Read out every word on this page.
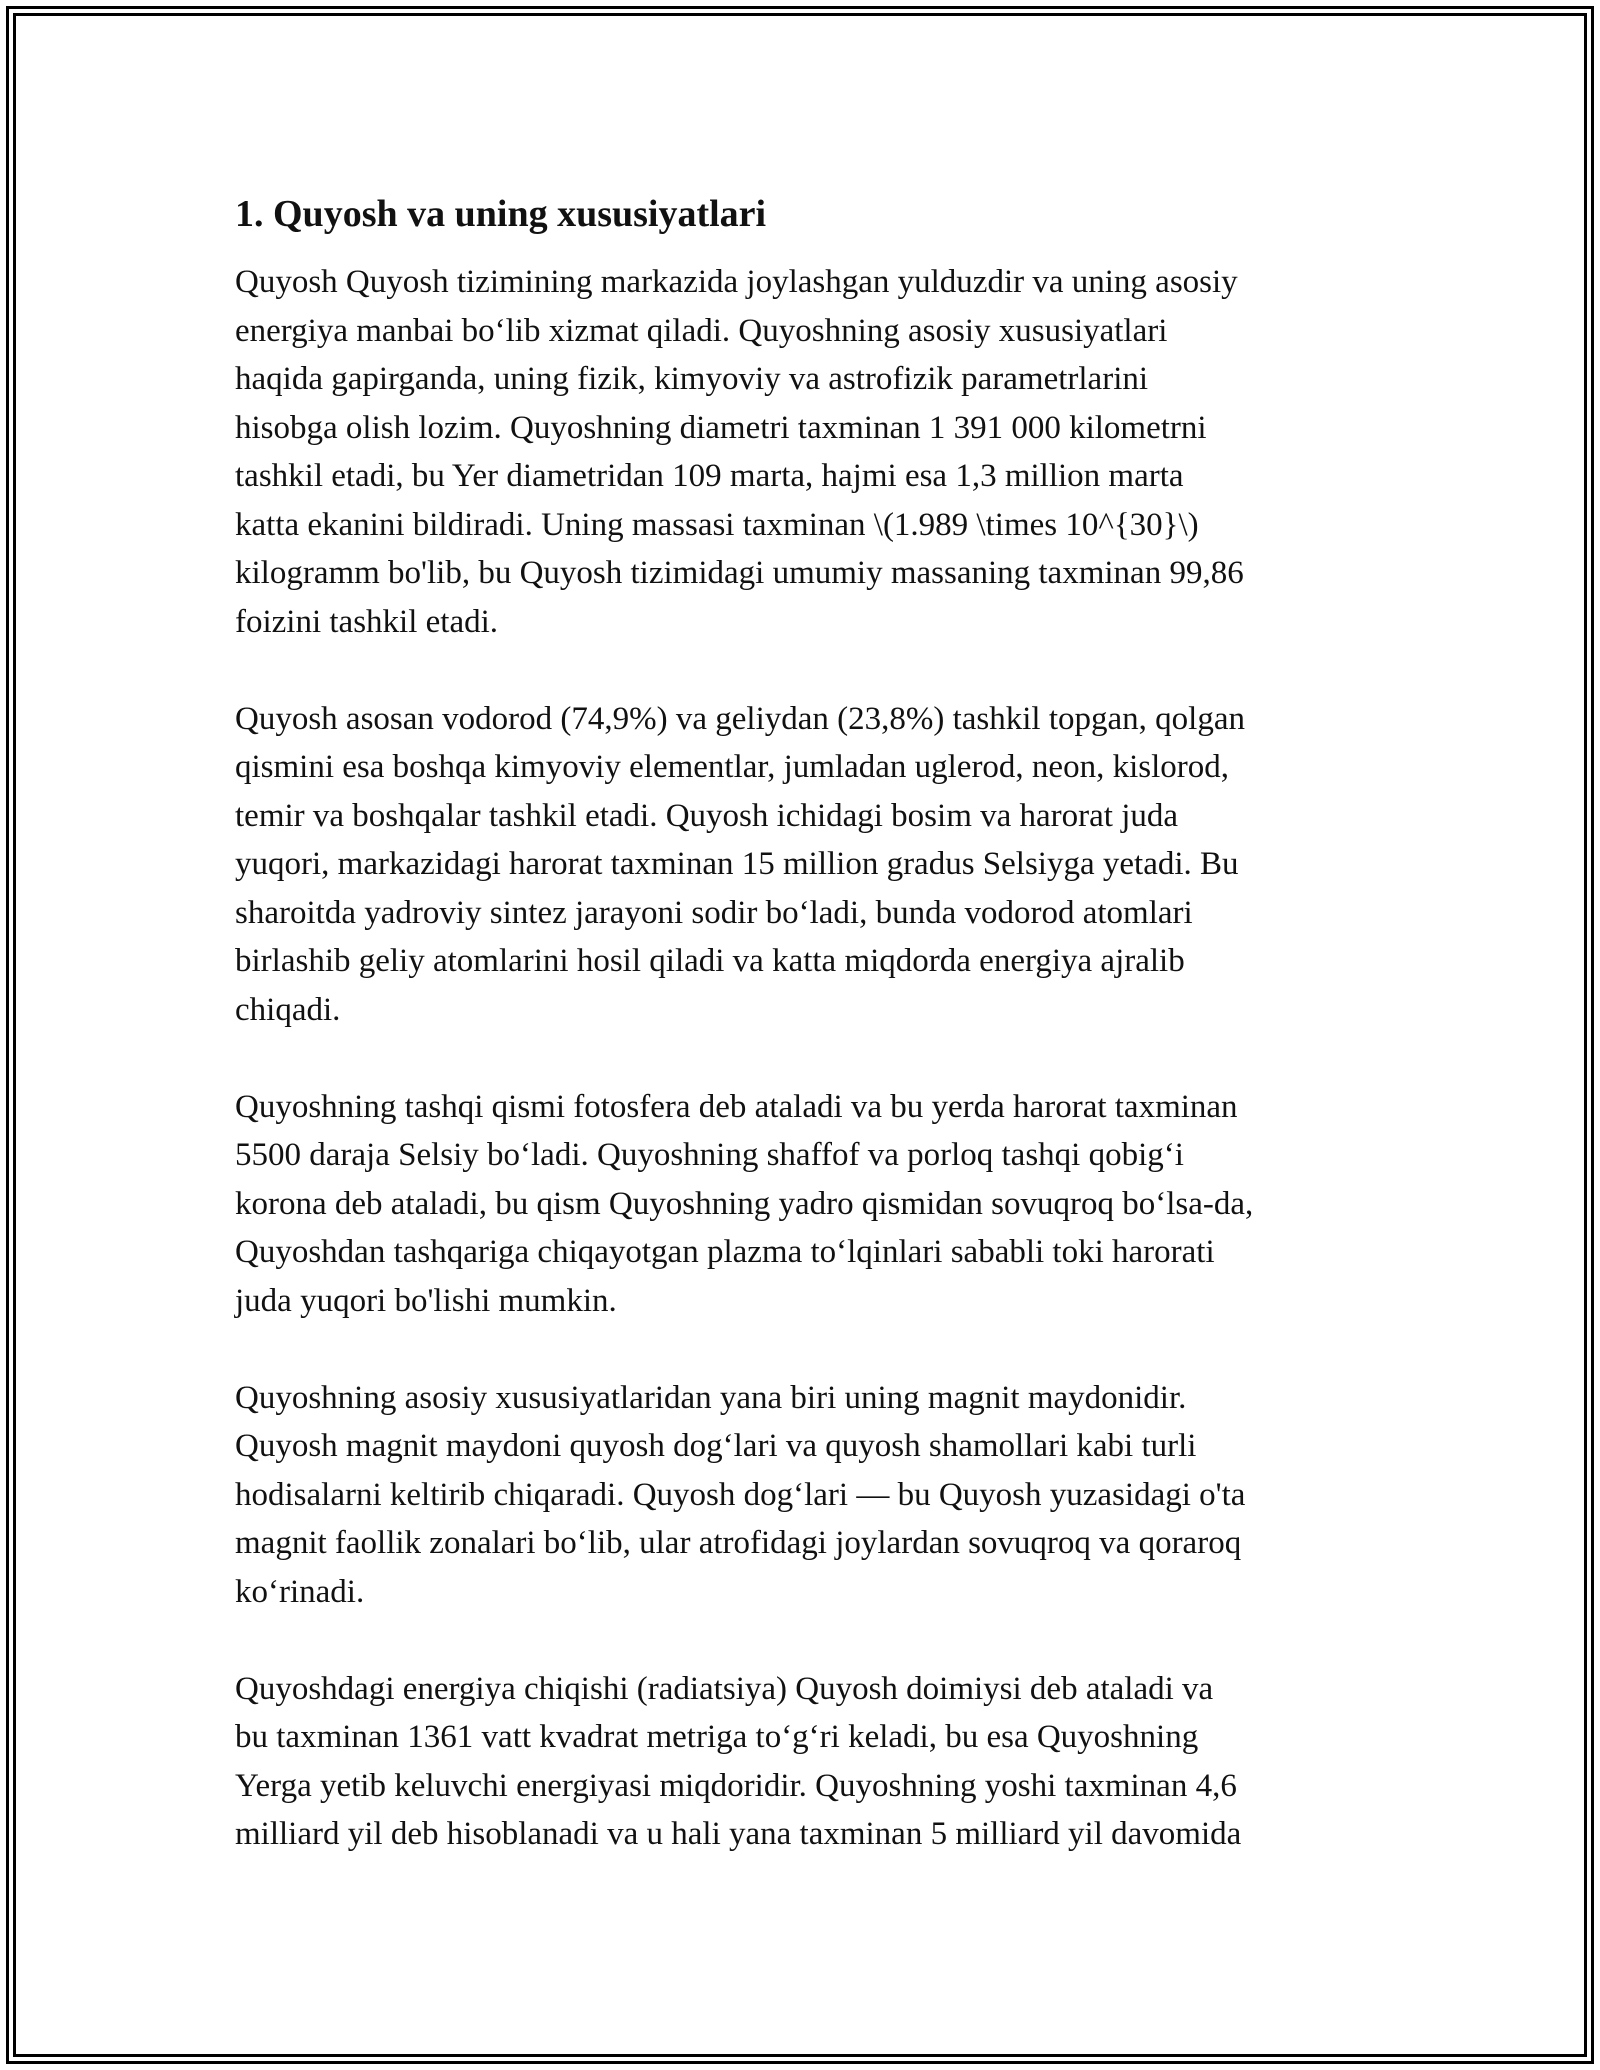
1. Quyosh va uning xususiyatlari
Quyosh Quyosh tizimining markazida joylashgan yulduzdir va uning asosiy
energiya manbai bo‘lib xizmat qiladi. Quyoshning asosiy xususiyatlari
haqida gapirganda, uning fizik, kimyoviy va astrofizik parametrlarini
hisobga olish lozim. Quyoshning diametri taxminan 1 391 000 kilometrni
tashkil etadi, bu Yer diametridan 109 marta, hajmi esa 1,3 million marta
katta ekanini bildiradi. Uning massasi taxminan \(1.989 \times 10^{30}\)
kilogramm bo'lib, bu Quyosh tizimidagi umumiy massaning taxminan 99,86
foizini tashkil etadi.
Quyosh asosan vodorod (74,9%) va geliydan (23,8%) tashkil topgan, qolgan
qismini esa boshqa kimyoviy elementlar, jumladan uglerod, neon, kislorod,
temir va boshqalar tashkil etadi. Quyosh ichidagi bosim va harorat juda
yuqori, markazidagi harorat taxminan 15 million gradus Selsiyga yetadi. Bu
sharoitda yadroviy sintez jarayoni sodir bo‘ladi, bunda vodorod atomlari
birlashib geliy atomlarini hosil qiladi va katta miqdorda energiya ajralib
chiqadi.
Quyoshning tashqi qismi fotosfera deb ataladi va bu yerda harorat taxminan
5500 daraja Selsiy bo‘ladi. Quyoshning shaffof va porloq tashqi qobig‘i
korona deb ataladi, bu qism Quyoshning yadro qismidan sovuqroq bo‘lsa-da,
Quyoshdan tashqariga chiqayotgan plazma to‘lqinlari sababli toki harorati
juda yuqori bo'lishi mumkin.
Quyoshning asosiy xususiyatlaridan yana biri uning magnit maydonidir.
Quyosh magnit maydoni quyosh dog‘lari va quyosh shamollari kabi turli
hodisalarni keltirib chiqaradi. Quyosh dog‘lari — bu Quyosh yuzasidagi o'ta
magnit faollik zonalari bo‘lib, ular atrofidagi joylardan sovuqroq va qoraroq
ko‘rinadi.
Quyoshdagi energiya chiqishi (radiatsiya) Quyosh doimiysi deb ataladi va
bu taxminan 1361 vatt kvadrat metriga to‘g‘ri keladi, bu esa Quyoshning
Yerga yetib keluvchi energiyasi miqdoridir. Quyoshning yoshi taxminan 4,6
milliard yil deb hisoblanadi va u hali yana taxminan 5 milliard yil davomida
